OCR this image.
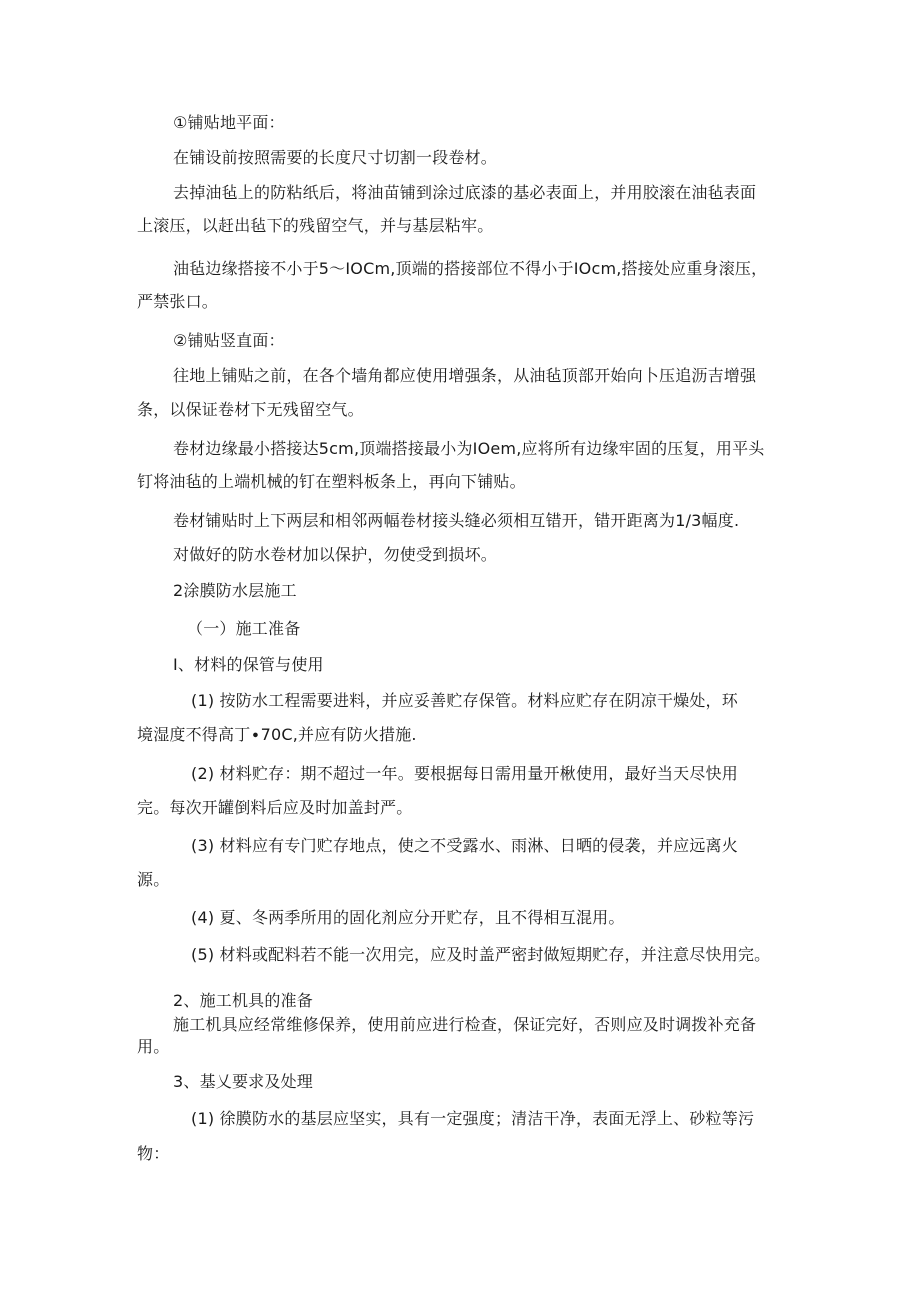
①铺贴地平面：
在铺设前按照需要的长度尺寸切割一段卷材。
去掉油毡上的防粘纸后，将油苗铺到涂过底漆的基必表面上，并用胶滚在油毡表面
上滚压，以赶出毡下的残留空气，并与基层粘牢。
油毡边缘搭接不小于5〜IOCm,顶端的搭接部位不得小于IOcm,搭接处应重身滚压，
严禁张口。
②铺贴竖直面：
往地上铺贴之前，在各个墙角都应使用增强条，从油毡顶部开始向卜压追沥吉增强
条，以保证卷材下无残留空气。
卷材边缘最小搭接达5cm,顶端搭接最小为IOem,应将所有边缘牢固的压复，用平头
钉将油毡的上端机械的钉在塑料板条上，再向下铺贴。
卷材铺贴时上下两层和相邻两幅卷材接头缝必须相互错开，错开距离为1/3幅度.
对做好的防水卷材加以保护，勿使受到损坏。
2涂膜防水层施工
（一）施工准备
I、材料的保管与使用
(1) 按防水工程需要进料，并应妥善贮存保管。材料应贮存在阴凉干燥处，环
境湿度不得高丁∙70C,并应有防火措施.
(2) 材料贮存：期不超过一年。要根据每日需用量开楸使用，最好当天尽快用
完。每次开罐倒料后应及时加盖封严。
(3) 材料应有专门贮存地点，使之不受露水、雨淋、日晒的侵袭，并应远离火
源。
(4) 夏、冬两季所用的固化剂应分开贮存，且不得相互混用。
(5) 材料或配料若不能一次用完，应及时盖严密封做短期贮存，并注意尽快用完。
2、施工机具的准备
施工机具应经常维修保养，使用前应进行检查，保证完好，否则应及时调拨补充备
用。
3、基乂要求及处理
(1) 徐膜防水的基层应坚实，具有一定强度；清洁干净，表面无浮上、砂粒等污
物：
